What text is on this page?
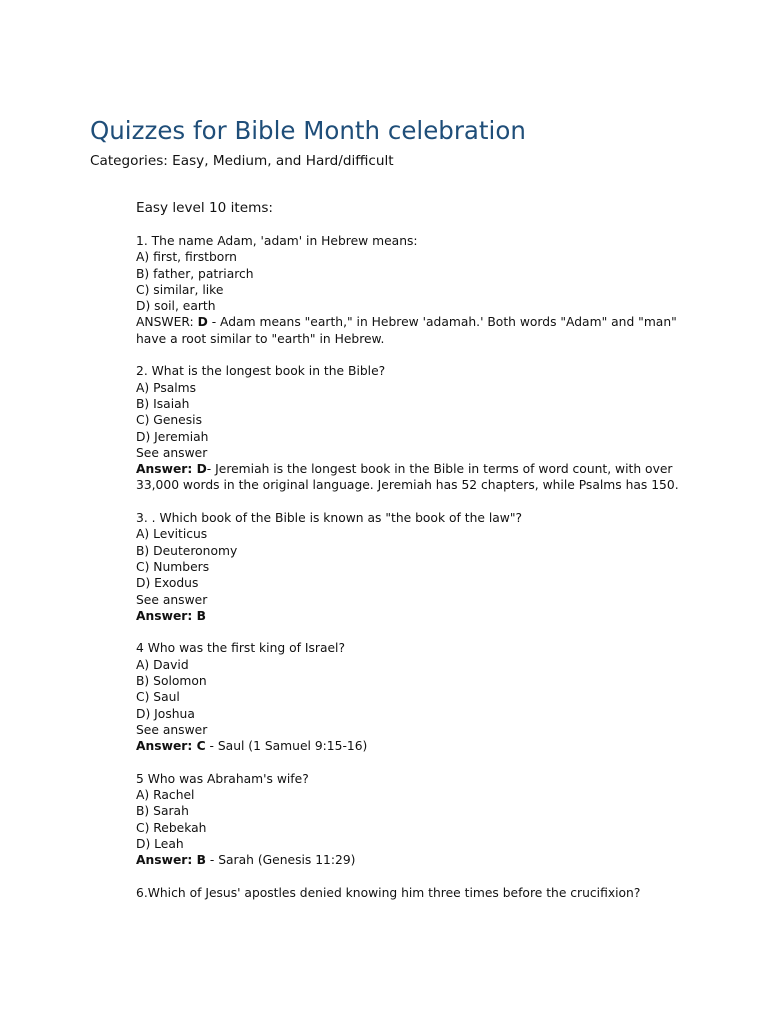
Quizzes for Bible Month celebration

Categories: Easy, Medium, and Hard/difficult

Easy level 10 items:
1. The name Adam, 'adam' in Hebrew means:
A) first, firstborn
B) father, patriarch
C) similar, like
D) soil, earth
ANSWER: D - Adam means "earth," in Hebrew 'adamah.' Both words "Adam" and "man" have a root similar to "earth" in Hebrew.
2. What is the longest book in the Bible?
A) Psalms
B) Isaiah
C) Genesis
D) Jeremiah
See answer
Answer: D- Jeremiah is the longest book in the Bible in terms of word count, with over 33,000 words in the original language. Jeremiah has 52 chapters, while Psalms has 150.
3. . Which book of the Bible is known as "the book of the law"?
A) Leviticus
B) Deuteronomy
C) Numbers
D) Exodus
See answer
Answer: B
4 Who was the first king of Israel?
A) David
B) Solomon
C) Saul
D) Joshua
See answer
Answer: C - Saul (1 Samuel 9:15-16)
5 Who was Abraham's wife?
A) Rachel
B) Sarah
C) Rebekah
D) Leah
Answer: B - Sarah (Genesis 11:29)
6.Which of Jesus' apostles denied knowing him three times before the crucifixion?
